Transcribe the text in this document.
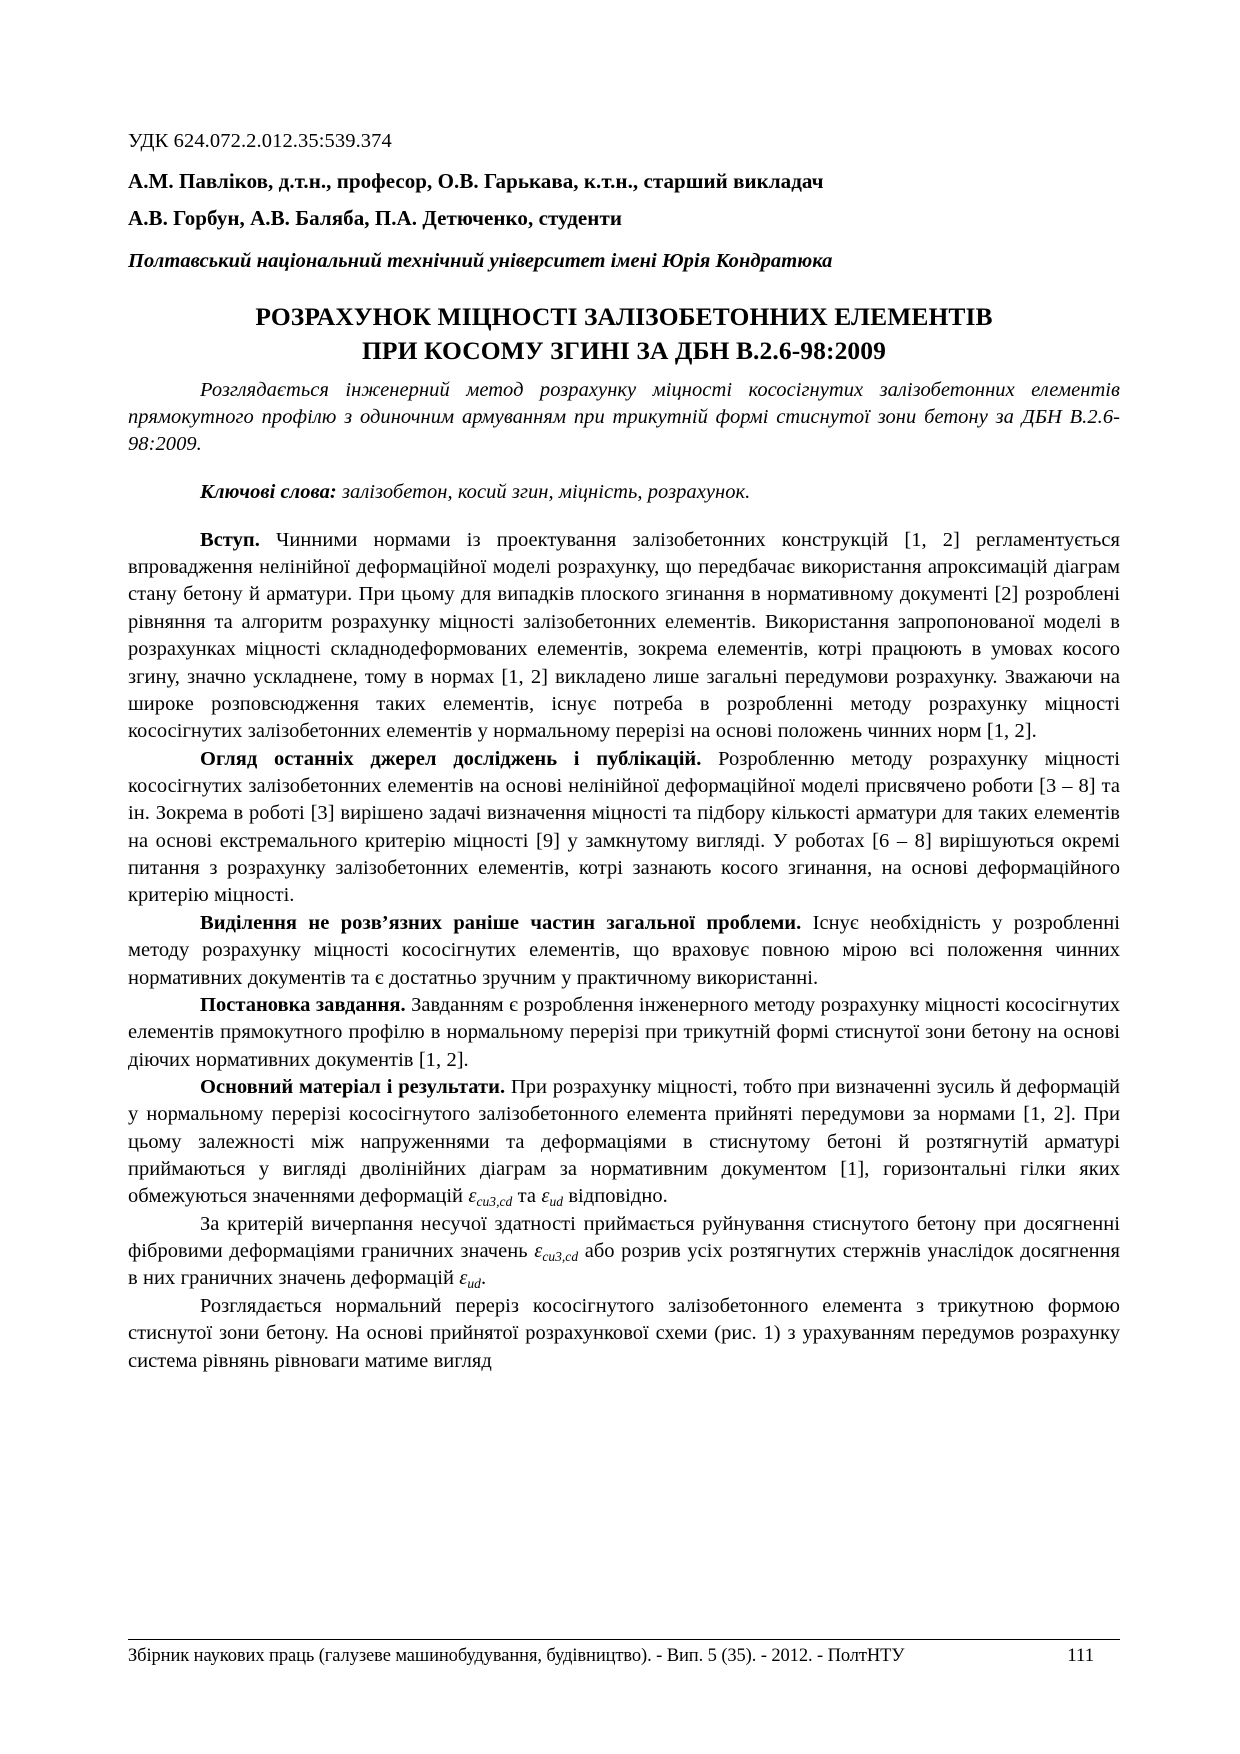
УДК 624.072.2.012.35:539.374
А.М. Павліков, д.т.н., професор, О.В. Гарькава, к.т.н., старший викладач
А.В. Горбун, А.В. Баляба, П.А. Детюченко, студенти
Полтавський національний технічний університет імені Юрія Кондратюка
РОЗРАХУНОК МІЦНОСТІ ЗАЛІЗОБЕТОННИХ ЕЛЕМЕНТІВ
ПРИ КОСОМУ ЗГИНІ ЗА ДБН В.2.6-98:2009

Розглядається інженерний метод розрахунку міцності кососігнутих залізобетонних елементів прямокутного профілю з одиночним армуванням при трикутній формі стиснутої зони бетону за ДБН В.2.6-98:2009.

Ключові слова: залізобетон, косий згин, міцність, розрахунок.

Вступ. Чинними нормами із проектування залізобетонних конструкцій [1, 2] регламентується впровадження нелінійної деформаційної моделі розрахунку, що передбачає використання апроксимацій діаграм стану бетону й арматури. При цьому для випадків плоского згинання в нормативному документі [2] розроблені рівняння та алгоритм розрахунку міцності залізобетонних елементів. Використання запропонованої моделі в розрахунках міцності складнодеформованих елементів, зокрема елементів, котрі працюють в умовах косого згину, значно ускладнене, тому в нормах [1, 2] викладено лише загальні передумови розрахунку. Зважаючи на широке розповсюдження таких елементів, існує потреба в розробленні методу розрахунку міцності кососігнутих залізобетонних елементів у нормальному перерізі на основі положень чинних норм [1, 2].

Огляд останніх джерел досліджень і публікацій. Розробленню методу розрахунку міцності кососігнутих залізобетонних елементів на основі нелінійної деформаційної моделі присвячено роботи [3 – 8] та ін. Зокрема в роботі [3] вирішено задачі визначення міцності та підбору кількості арматури для таких елементів на основі екстремального критерію міцності [9] у замкнутому вигляді. У роботах [6 – 8] вирішуються окремі питання з розрахунку залізобетонних елементів, котрі зазнають косого згинання, на основі деформаційного критерію міцності.

Виділення не розв’язних раніше частин загальної проблеми. Існує необхідність у розробленні методу розрахунку міцності кососігнутих елементів, що враховує повною мірою всі положення чинних нормативних документів та є достатньо зручним у практичному використанні.

Постановка завдання. Завданням є розроблення інженерного методу розрахунку міцності кососігнутих елементів прямокутного профілю в нормальному перерізі при трикутній формі стиснутої зони бетону на основі діючих нормативних документів [1, 2].

Основний матеріал і результати. При розрахунку міцності, тобто при визначенні зусиль й деформацій у нормальному перерізі кососігнутого залізобетонного елемента прийняті передумови за нормами [1, 2]. При цьому залежності між напруженнями та деформаціями в стиснутому бетоні й розтягнутій арматурі приймаються у вигляді дволінійних діаграм за нормативним документом [1], горизонтальні гілки яких обмежуються значеннями деформацій $\varepsilon_{cu3,cd}$ та $\varepsilon_{ud}$ відповідно.

За критерій вичерпання несучої здатності приймається руйнування стиснутого бетону при досягненні фібровими деформаціями граничних значень $\varepsilon_{cu3,cd}$ або розрив усіх розтягнутих стержнів унаслідок досягнення в них граничних значень деформацій $\varepsilon_{ud}$.

Розглядається нормальний переріз кососігнутого залізобетонного елемента з трикутною формою стиснутої зони бетону. На основі прийнятої розрахункової схеми (рис. 1) з урахуванням передумов розрахунку система рівнянь рівноваги матиме вигляд

Збірник наукових праць (галузеве машинобудування, будівництво). - Вип. 5 (35). - 2012. - ПолтНТУ	111
